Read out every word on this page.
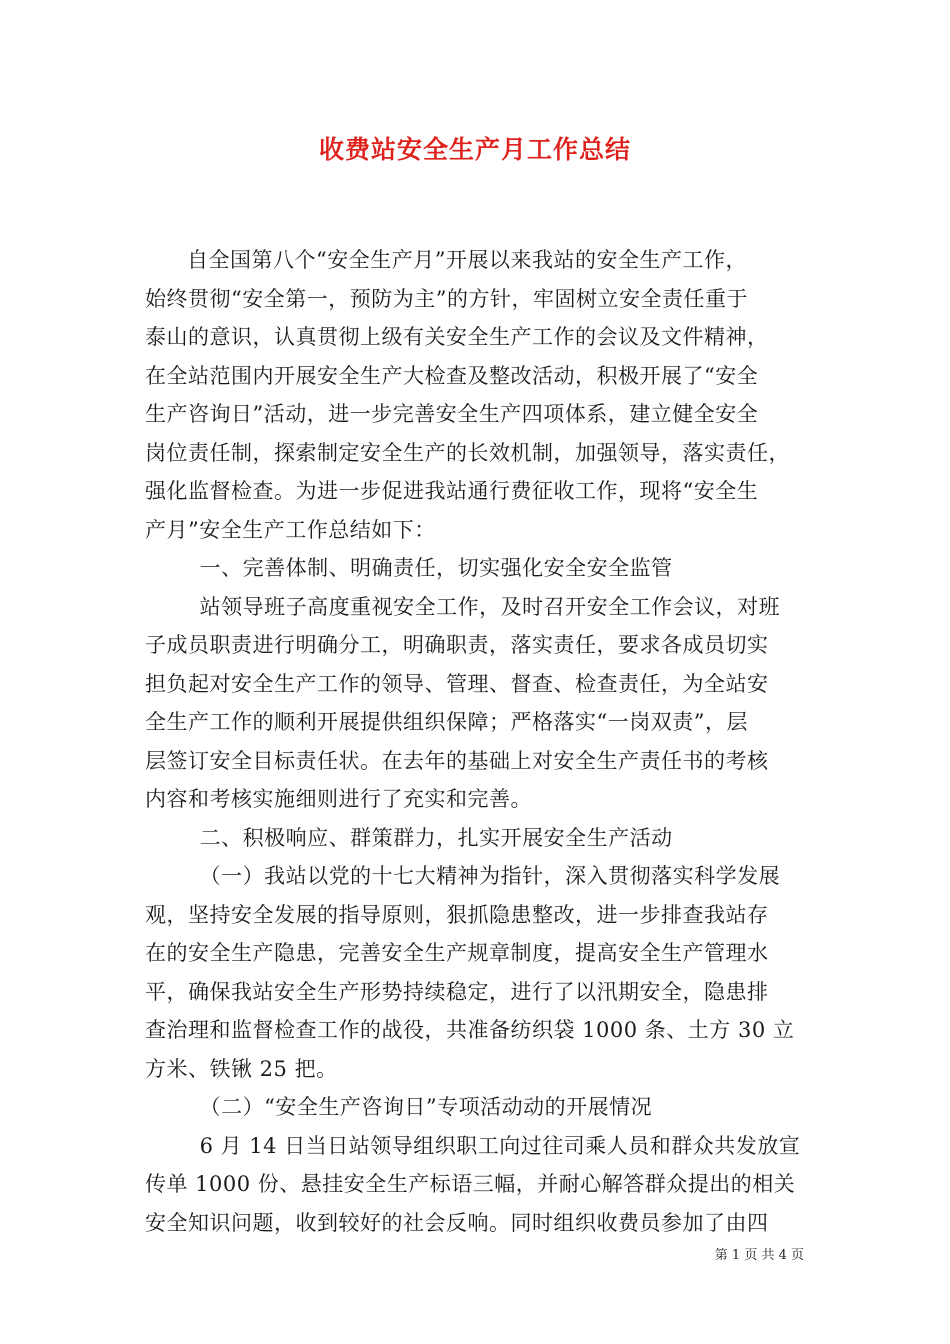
收费站安全生产月工作总结
自全国第八个“安全生产月”开展以来我站的安全生产工作，
始终贯彻“安全第一，预防为主”的方针，牢固树立安全责任重于
泰山的意识，认真贯彻上级有关安全生产工作的会议及文件精神，
在全站范围内开展安全生产大检查及整改活动，积极开展了“安全
生产咨询日”活动，进一步完善安全生产四项体系，建立健全安全
岗位责任制，探索制定安全生产的长效机制，加强领导，落实责任，
强化监督检查。为进一步促进我站通行费征收工作，现将“安全生
产月”安全生产工作总结如下：
一、完善体制、明确责任，切实强化安全安全监管
站领导班子高度重视安全工作，及时召开安全工作会议，对班
子成员职责进行明确分工，明确职责，落实责任，要求各成员切实
担负起对安全生产工作的领导、管理、督查、检查责任，为全站安
全生产工作的顺利开展提供组织保障；严格落实“一岗双责”，层
层签订安全目标责任状。在去年的基础上对安全生产责任书的考核
内容和考核实施细则进行了充实和完善。
二、积极响应、群策群力，扎实开展安全生产活动
（一）我站以党的十七大精神为指针，深入贯彻落实科学发展
观，坚持安全发展的指导原则，狠抓隐患整改，进一步排查我站存
在的安全生产隐患，完善安全生产规章制度，提高安全生产管理水
平，确保我站安全生产形势持续稳定，进行了以汛期安全，隐患排
查治理和监督检查工作的战役，共准备纺织袋 1000 条、土方 30 立
方米、铁锹 25 把。
（二）“安全生产咨询日”专项活动动的开展情况
6 月 14 日当日站领导组织职工向过往司乘人员和群众共发放宣
传单 1000 份、悬挂安全生产标语三幅，并耐心解答群众提出的相关
安全知识问题，收到较好的社会反响。同时组织收费员参加了由四
第 1 页 共 4 页
